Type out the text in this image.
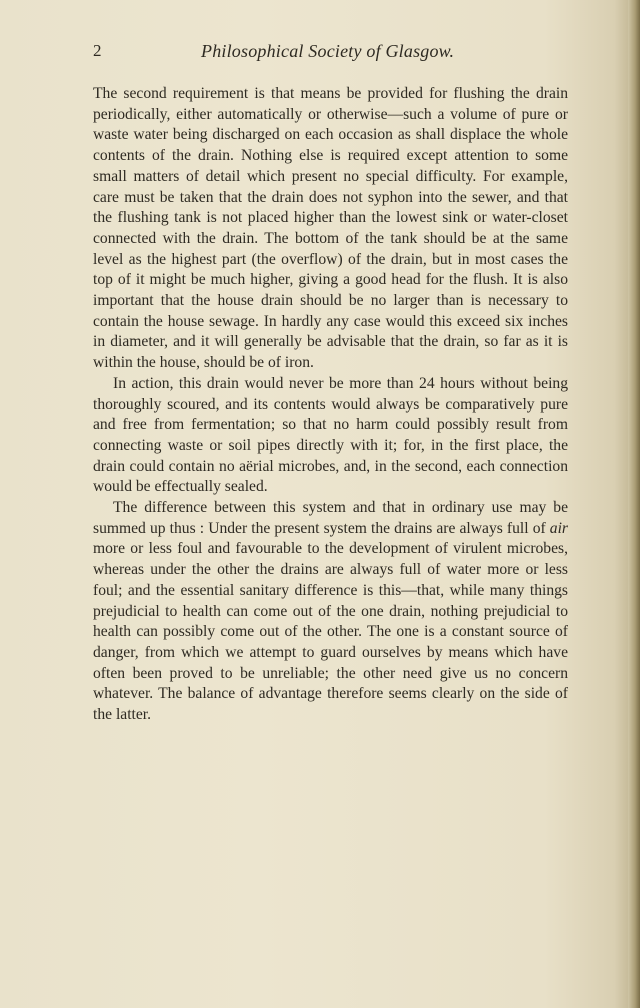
2	Philosophical Society of Glasgow.

The second requirement is that means be provided for flushing the drain periodically, either automatically or otherwise—such a volume of pure or waste water being discharged on each occasion as shall displace the whole contents of the drain. Nothing else is required except attention to some small matters of detail which present no special difficulty. For example, care must be taken that the drain does not syphon into the sewer, and that the flushing tank is not placed higher than the lowest sink or water-closet connected with the drain. The bottom of the tank should be at the same level as the highest part (the overflow) of the drain, but in most cases the top of it might be much higher, giving a good head for the flush. It is also important that the house drain should be no larger than is necessary to contain the house sewage. In hardly any case would this exceed six inches in diameter, and it will generally be advisable that the drain, so far as it is within the house, should be of iron.

In action, this drain would never be more than 24 hours without being thoroughly scoured, and its contents would always be comparatively pure and free from fermentation; so that no harm could possibly result from connecting waste or soil pipes directly with it; for, in the first place, the drain could contain no aërial microbes, and, in the second, each connection would be effectually sealed.

The difference between this system and that in ordinary use may be summed up thus : Under the present system the drains are always full of air more or less foul and favourable to the development of virulent microbes, whereas under the other the drains are always full of water more or less foul; and the essential sanitary difference is this—that, while many things prejudicial to health can come out of the one drain, nothing prejudicial to health can possibly come out of the other. The one is a constant source of danger, from which we attempt to guard ourselves by means which have often been proved to be unreliable; the other need give us no concern whatever. The balance of advantage therefore seems clearly on the side of the latter.
